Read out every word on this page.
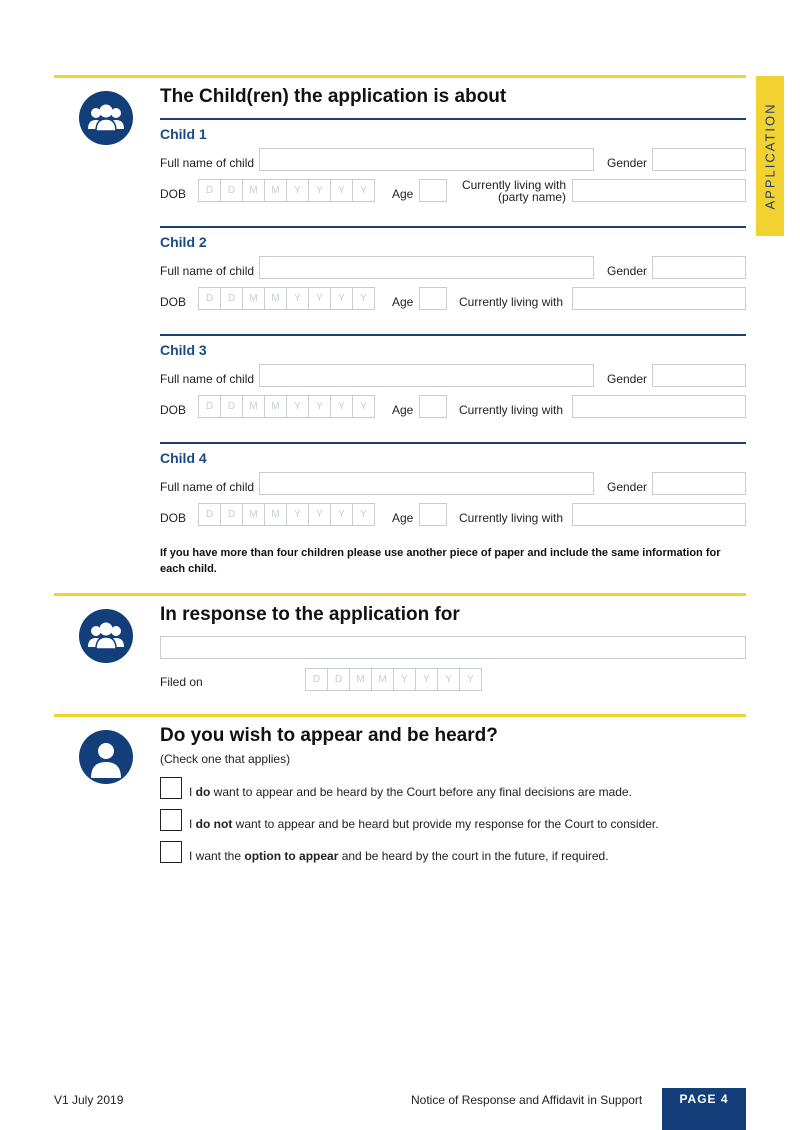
APPLICATION
The Child(ren) the application is about
Child 1
Full name of child	Gender
DOB	D	D	M	M	Y	Y	Y	Y	Age
Currently living with
(party name)
Child 2
Full name of child	Gender
DOB	D	D	M	M	Y	Y	Y	Y	Age	Currently living with
Child 3
Full name of child	Gender
DOB	D	D	M	M	Y	Y	Y	Y	Age	Currently living with
Child 4
Full name of child	Gender
DOB	D	D	M	M	Y	Y	Y	Y	Age	Currently living with
If you have more than four children please use another piece of paper and include the same information for
each child.
In response to the application for
Filed on	D	D	M	M	Y	Y	Y	Y
Do you wish to appear and be heard?
(Check one that applies)
I do want to appear and be heard by the Court before any final decisions are made.
I do not want to appear and be heard but provide my response for the Court to consider.
I want the option to appear and be heard by the court in the future, if required.
V1 July 2019	Notice of Response and Affidavit in Support	PAGE 4
